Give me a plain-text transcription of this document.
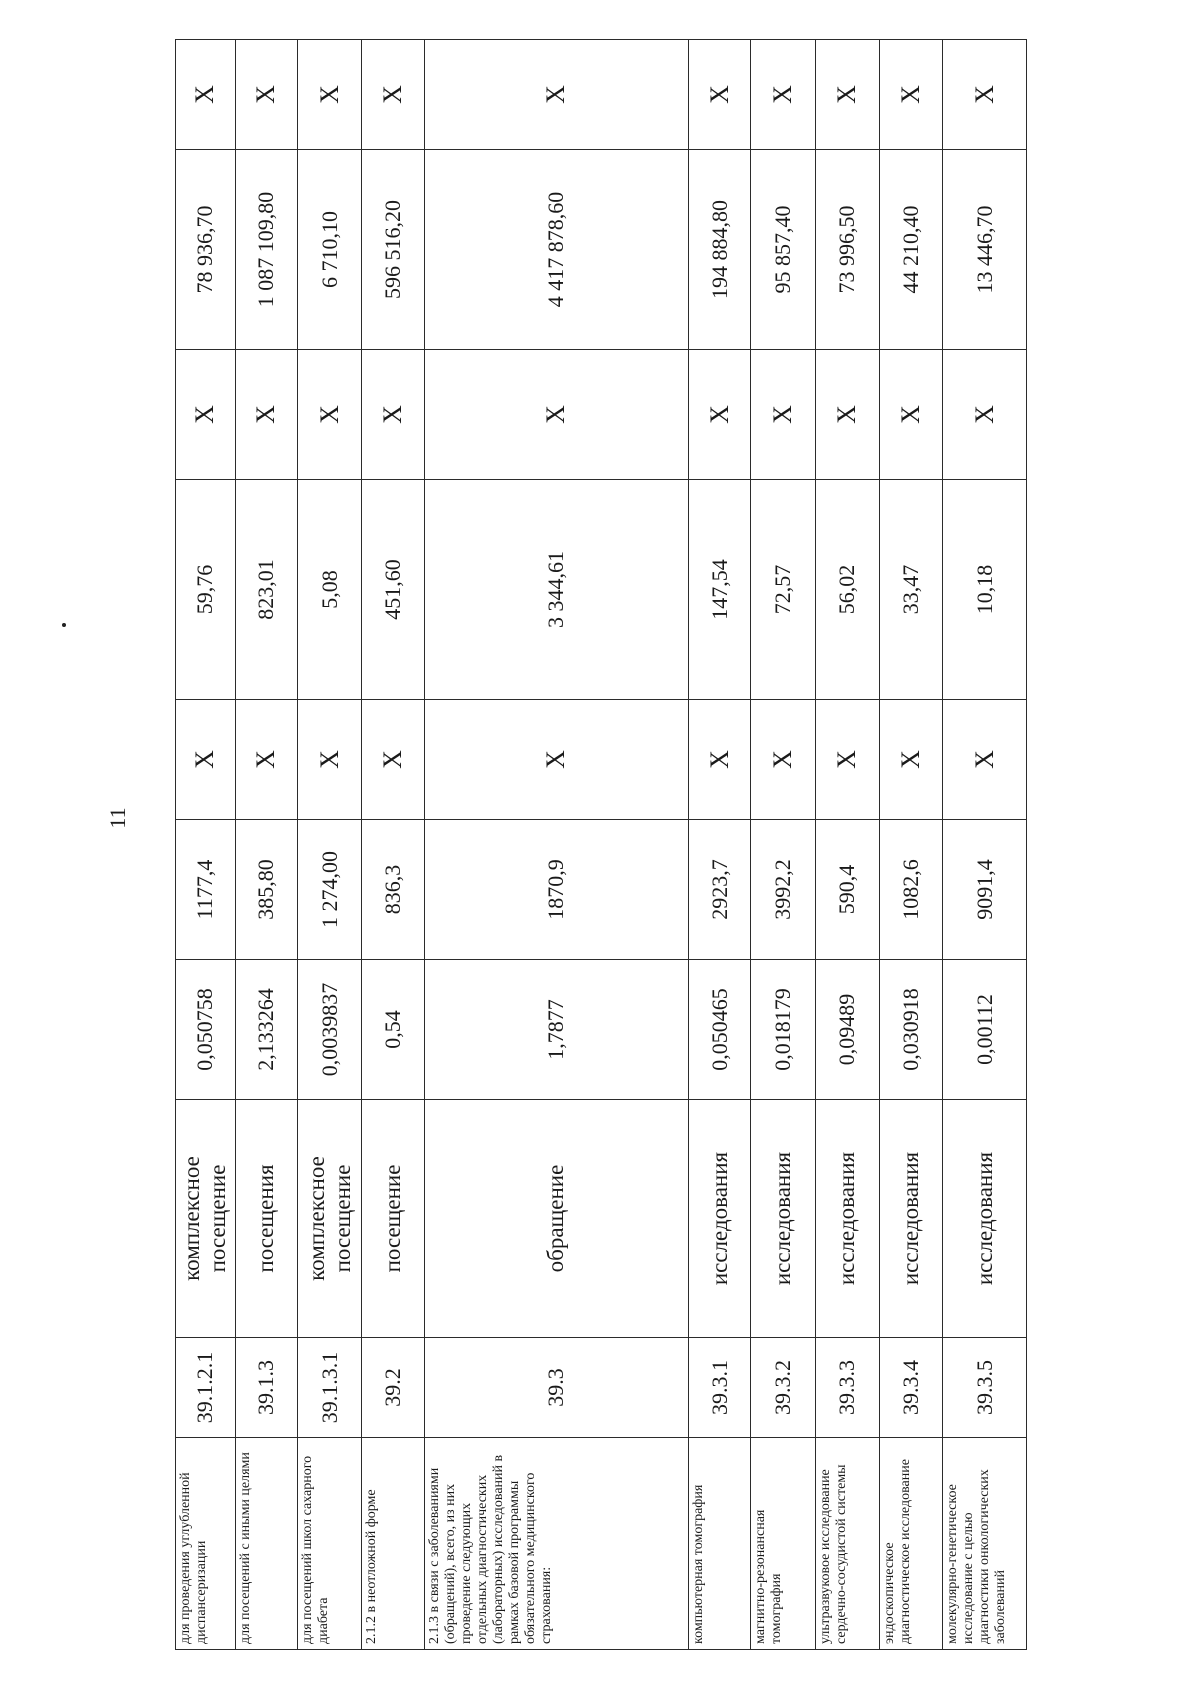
11
для проведения углубленной диспансеризации	39.1.2.1	комплексное посещение	0,050758	1177,4	X	59,76	X	78 936,70	X
для посещений с иными целями	39.1.3	посещения	2,133264	385,80	X	823,01	X	1 087 109,80	X
для посещений школ сахарного диабета	39.1.3.1	комплексное посещение	0,0039837	1 274,00	X	5,08	X	6 710,10	X
2.1.2 в неотложной форме	39.2	посещение	0,54	836,3	X	451,60	X	596 516,20	X
2.1.3 в связи с заболеваниями (обращений), всего, из них проведение следующих отдельных диагностических (лабораторных) исследований в рамках базовой программы обязательного медицинского страхования:	39.3	обращение	1,7877	1870,9	X	3 344,61	X	4 417 878,60	X
компьютерная томография	39.3.1	исследования	0,050465	2923,7	X	147,54	X	194 884,80	X
магнитно-резонансная томография	39.3.2	исследования	0,018179	3992,2	X	72,57	X	95 857,40	X
ультразвуковое исследование сердечно-сосудистой системы	39.3.3	исследования	0,09489	590,4	X	56,02	X	73 996,50	X
эндоскопическое диагностическое исследование	39.3.4	исследования	0,030918	1082,6	X	33,47	X	44 210,40	X
молекулярно-генетическое исследование с целью диагностики онкологических заболеваний	39.3.5	исследования	0,00112	9091,4	X	10,18	X	13 446,70	X
